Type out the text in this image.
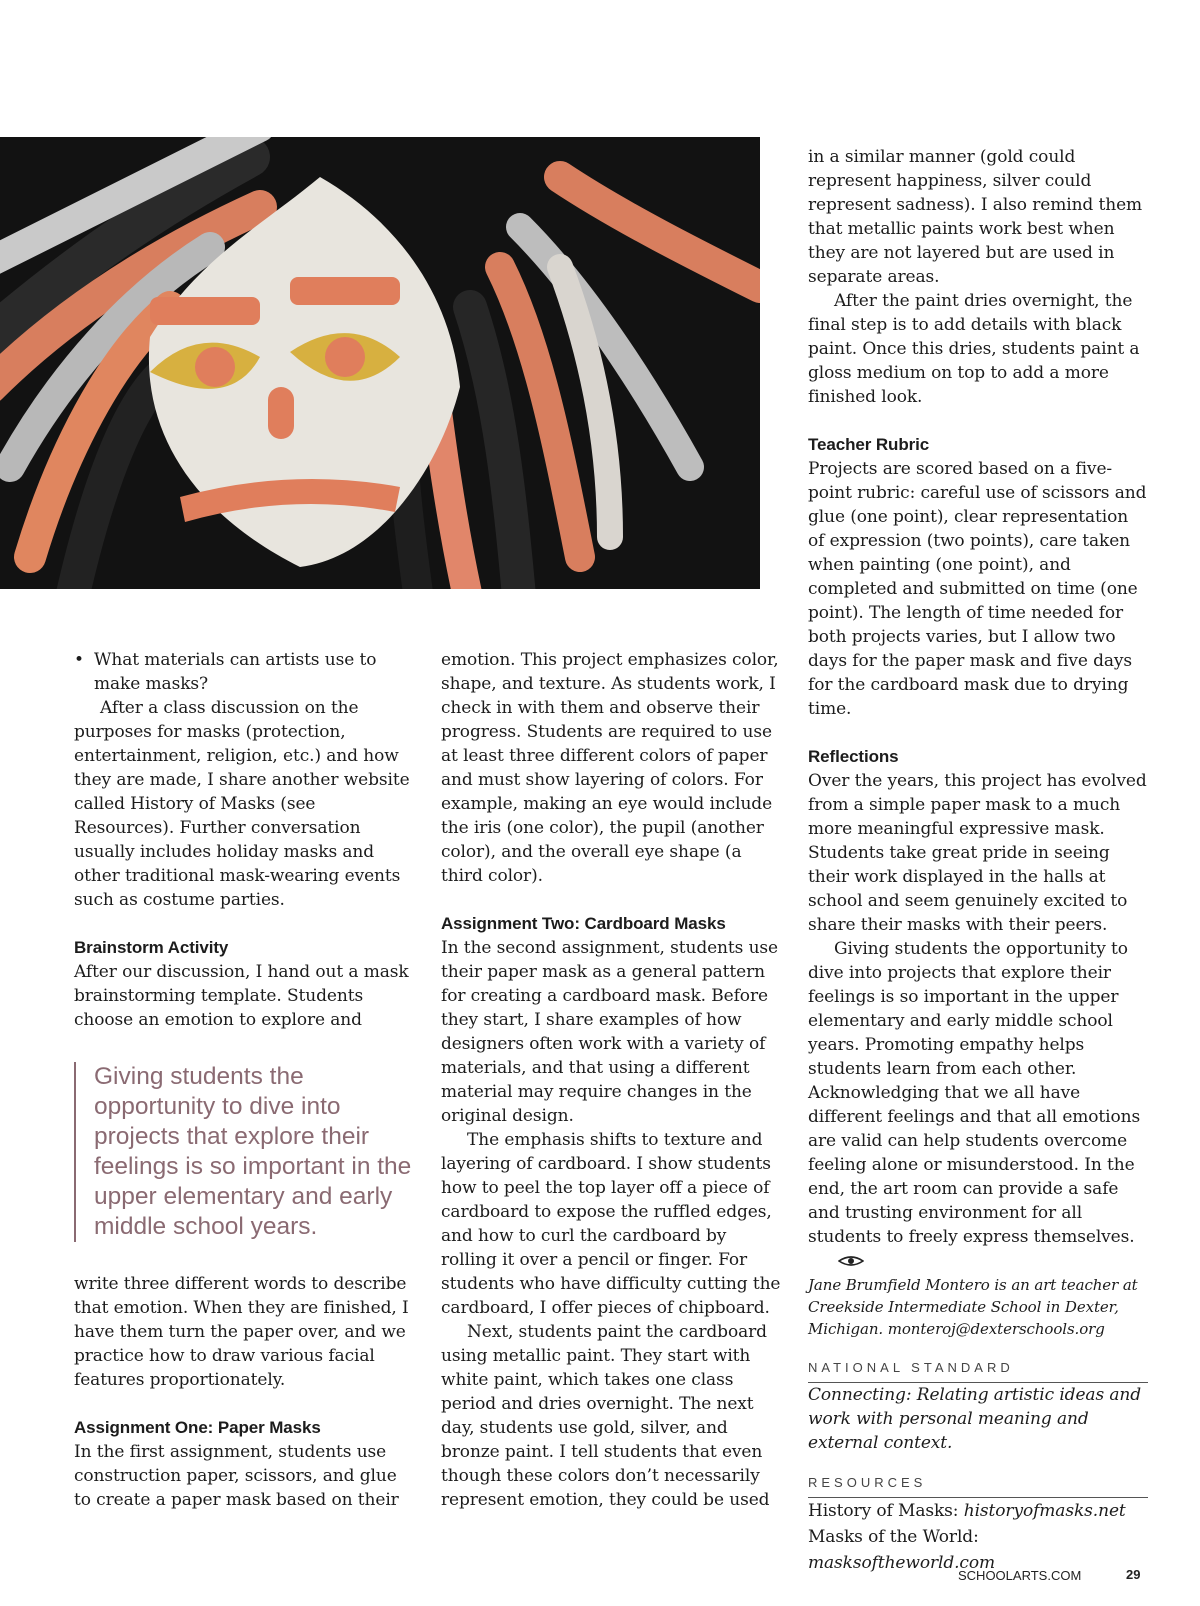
• What materials can artists use to make masks?

After a class discussion on the purposes for masks (protection, entertainment, religion, etc.) and how they are made, I share another website called History of Masks (see Resources). Further conversation usually includes holiday masks and other traditional mask-wearing events such as costume parties.

Brainstorm Activity

After our discussion, I hand out a mask brainstorming template. Students choose an emotion to explore and

Giving students the opportunity to dive into projects that explore their feelings is so important in the upper elementary and early middle school years.

write three different words to describe that emotion. When they are finished, I have them turn the paper over, and we practice how to draw various facial features proportionately.

Assignment One: Paper Masks

In the first assignment, students use construction paper, scissors, and glue to create a paper mask based on their

emotion. This project emphasizes color, shape, and texture. As students work, I check in with them and observe their progress. Students are required to use at least three different colors of paper and must show layering of colors. For example, making an eye would include the iris (one color), the pupil (another color), and the overall eye shape (a third color).

Assignment Two: Cardboard Masks

In the second assignment, students use their paper mask as a general pattern for creating a cardboard mask. Before they start, I share examples of how designers often work with a variety of materials, and that using a different material may require changes in the original design.

The emphasis shifts to texture and layering of cardboard. I show students how to peel the top layer off a piece of cardboard to expose the ruffled edges, and how to curl the cardboard by rolling it over a pencil or finger. For students who have difficulty cutting the cardboard, I offer pieces of chipboard.

Next, students paint the cardboard using metallic paint. They start with white paint, which takes one class period and dries overnight. The next day, students use gold, silver, and bronze paint. I tell students that even though these colors don’t necessarily represent emotion, they could be used

in a similar manner (gold could represent happiness, silver could represent sadness). I also remind them that metallic paints work best when they are not layered but are used in separate areas.

After the paint dries overnight, the final step is to add details with black paint. Once this dries, students paint a gloss medium on top to add a more finished look.

Teacher Rubric

Projects are scored based on a five-point rubric: careful use of scissors and glue (one point), clear representation of expression (two points), care taken when painting (one point), and completed and submitted on time (one point). The length of time needed for both projects varies, but I allow two days for the paper mask and five days for the cardboard mask due to drying time.

Reflections

Over the years, this project has evolved from a simple paper mask to a much more meaningful expressive mask. Students take great pride in seeing their work displayed in the halls at school and seem genuinely excited to share their masks with their peers.

Giving students the opportunity to dive into projects that explore their feelings is so important in the upper elementary and early middle school years. Promoting empathy helps students learn from each other. Acknowledging that we all have different feelings and that all emotions are valid can help students overcome feeling alone or misunderstood. In the end, the art room can provide a safe and trusting environment for all students to freely express themselves.

Jane Brumfield Montero is an art teacher at Creekside Intermediate School in Dexter, Michigan. monteroj@dexterschools.org

NATIONAL STANDARD

Connecting: Relating artistic ideas and work with personal meaning and external context.

RESOURCES

History of Masks: historyofmasks.net

Masks of the World: masksoftheworld.com

SCHOOLARTS.COM	29
